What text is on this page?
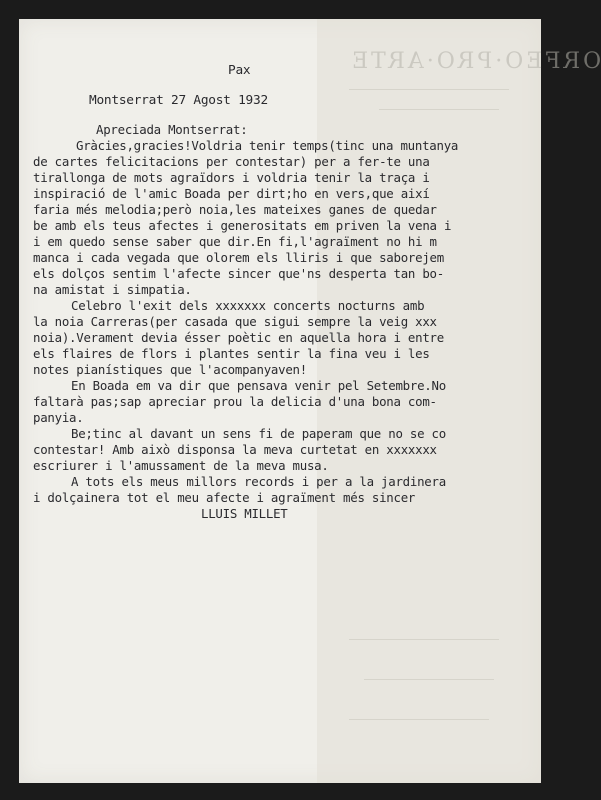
ORFEO·PRO·ARTE
Pax
Montserrat 27 Agost 1932
Apreciada Montserrat:
Gràcies,gracies!Voldria tenir temps(tinc una muntanya
de cartes felicitacions per contestar) per a fer-te una
tirallonga de mots agraïdors i voldria tenir la traça i
inspiració de l'amic Boada per dirt;ho en vers,que així
faria més melodia;però noia,les mateixes ganes de quedar
be amb els teus afectes i generositats em priven la vena i
i em quedo sense saber que dir.En fi,l'agraïment no hi m
manca i cada vegada que olorem els lliris i que saborejem
els dolços sentim l'afecte sincer que'ns desperta tan bo-
na amistat i simpatia.
Celebro l'exit dels xxxxxxx concerts nocturns amb
la noia Carreras(per casada que sigui sempre la veig xxx
noia).Verament devia ésser poètic en aquella hora i entre
els flaires de flors i plantes sentir la fina veu i les
notes pianístiques que l'acompanyaven!
En Boada em va dir que pensava venir pel Setembre.No
faltarà pas;sap apreciar prou la delicia d'una bona com-
panyia.
Be;tinc al davant un sens fi de paperam que no se co
contestar! Amb això disponsa la meva curtetat en xxxxxxx
escriurer i l'amussament de la meva musa.
A tots els meus millors records i per a la jardinera
i dolçainera tot el meu afecte i agraïment més sincer
LLUIS MILLET
